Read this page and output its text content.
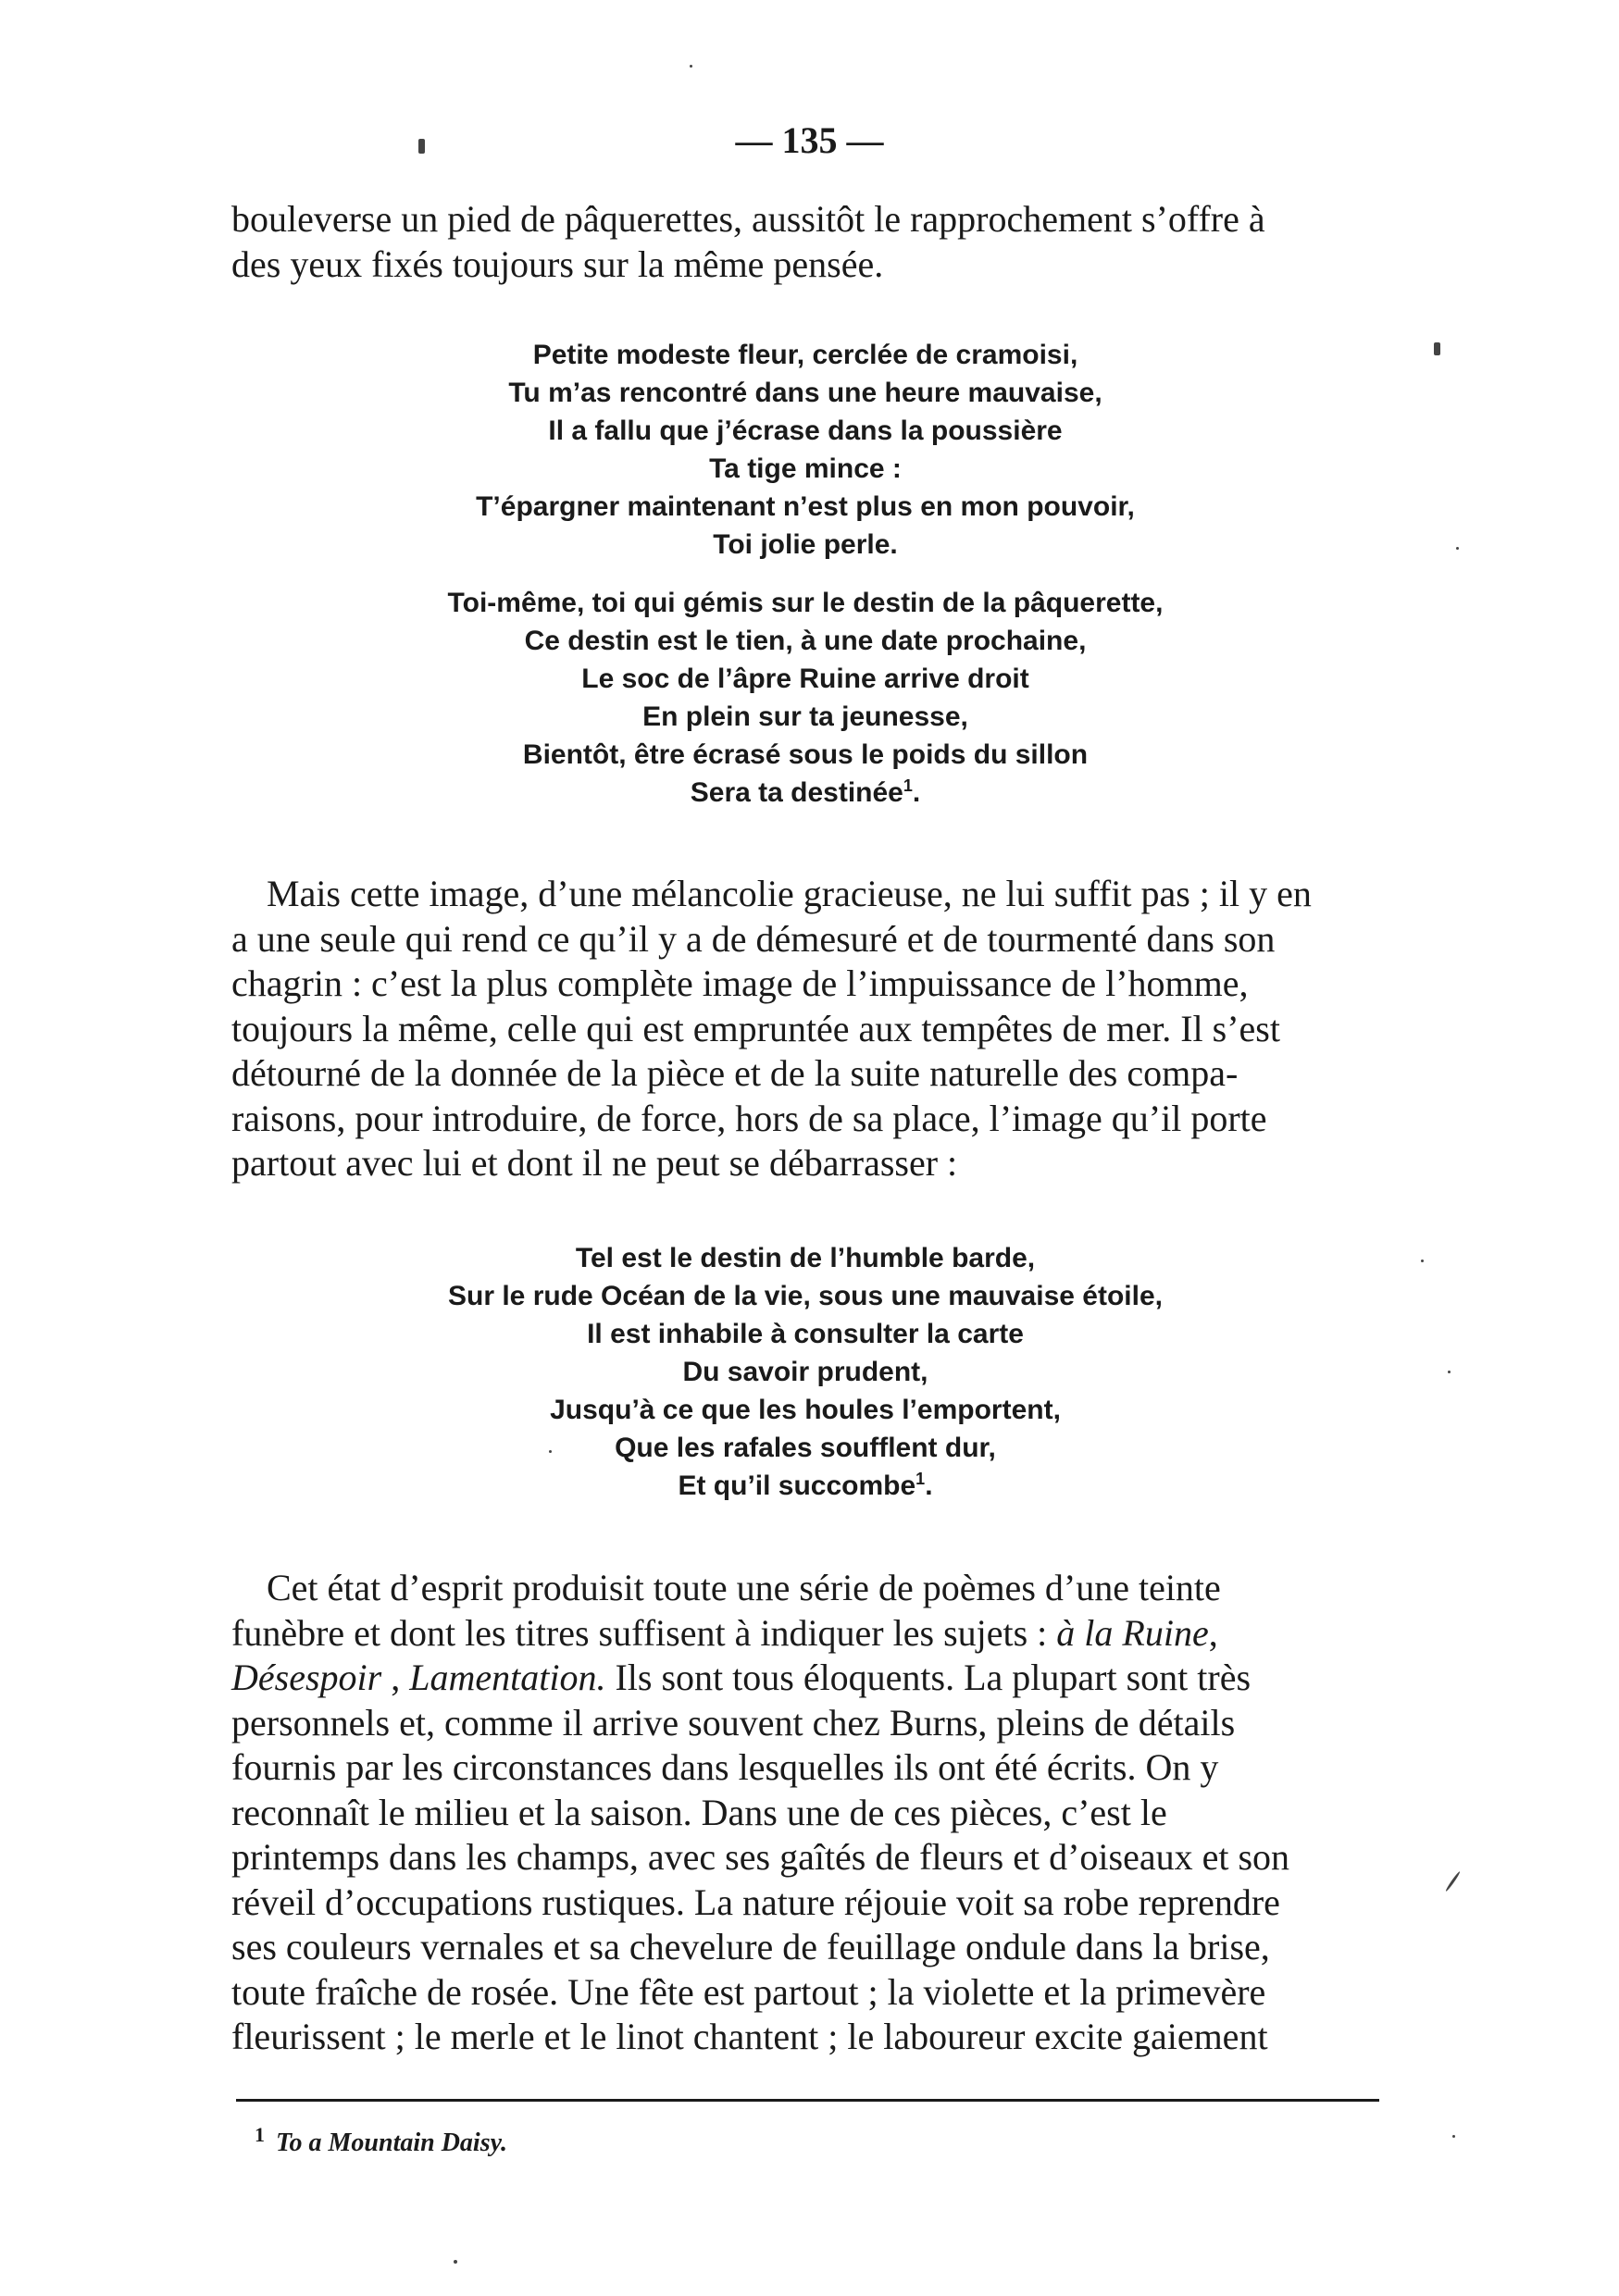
— 135 —

bouleverse un pied de pâquerettes, aussitôt le rapprochement s’offre à

des yeux fixés toujours sur la même pensée.

Petite modeste fleur, cerclée de cramoisi,
Tu m’as rencontré dans une heure mauvaise,
Il a fallu que j’écrase dans la poussière
Ta tige mince :
T’épargner maintenant n’est plus en mon pouvoir,
Toi jolie perle.
Toi-même, toi qui gémis sur le destin de la pâquerette,
Ce destin est le tien, à une date prochaine,
Le soc de l’âpre Ruine arrive droit
En plein sur ta jeunesse,
Bientôt, être écrasé sous le poids du sillon
Sera ta destinée$^1$.

Mais cette image, d’une mélancolie gracieuse, ne lui suffit pas ; il y en

a une seule qui rend ce qu’il y a de démesuré et de tourmenté dans son

chagrin : c’est la plus complète image de l’impuissance de l’homme,

toujours la même, celle qui est empruntée aux tempêtes de mer. Il s’est

détourné de la donnée de la pièce et de la suite naturelle des compa-

raisons, pour introduire, de force, hors de sa place, l’image qu’il porte

partout avec lui et dont il ne peut se débarrasser :

Tel est le destin de l’humble barde,
Sur le rude Océan de la vie, sous une mauvaise étoile,
Il est inhabile à consulter la carte
Du savoir prudent,
Jusqu’à ce que les houles l’emportent,
Que les rafales soufflent dur,
Et qu’il succombe$^1$.

Cet état d’esprit produisit toute une série de poèmes d’une teinte

funèbre et dont les titres suffisent à indiquer les sujets : à la Ruine,

Désespoir , Lamentation. Ils sont tous éloquents. La plupart sont très

personnels et, comme il arrive souvent chez Burns, pleins de détails

fournis par les circonstances dans lesquelles ils ont été écrits. On y

reconnaît le milieu et la saison. Dans une de ces pièces, c’est le

printemps dans les champs, avec ses gaîtés de fleurs et d’oiseaux et son

réveil d’occupations rustiques. La nature réjouie voit sa robe reprendre

ses couleurs vernales et sa chevelure de feuillage ondule dans la brise,

toute fraîche de rosée. Une fête est partout ; la violette et la primevère

fleurissent ; le merle et le linot chantent ; le laboureur excite gaiement

$^1$ To a Mountain Daisy.
